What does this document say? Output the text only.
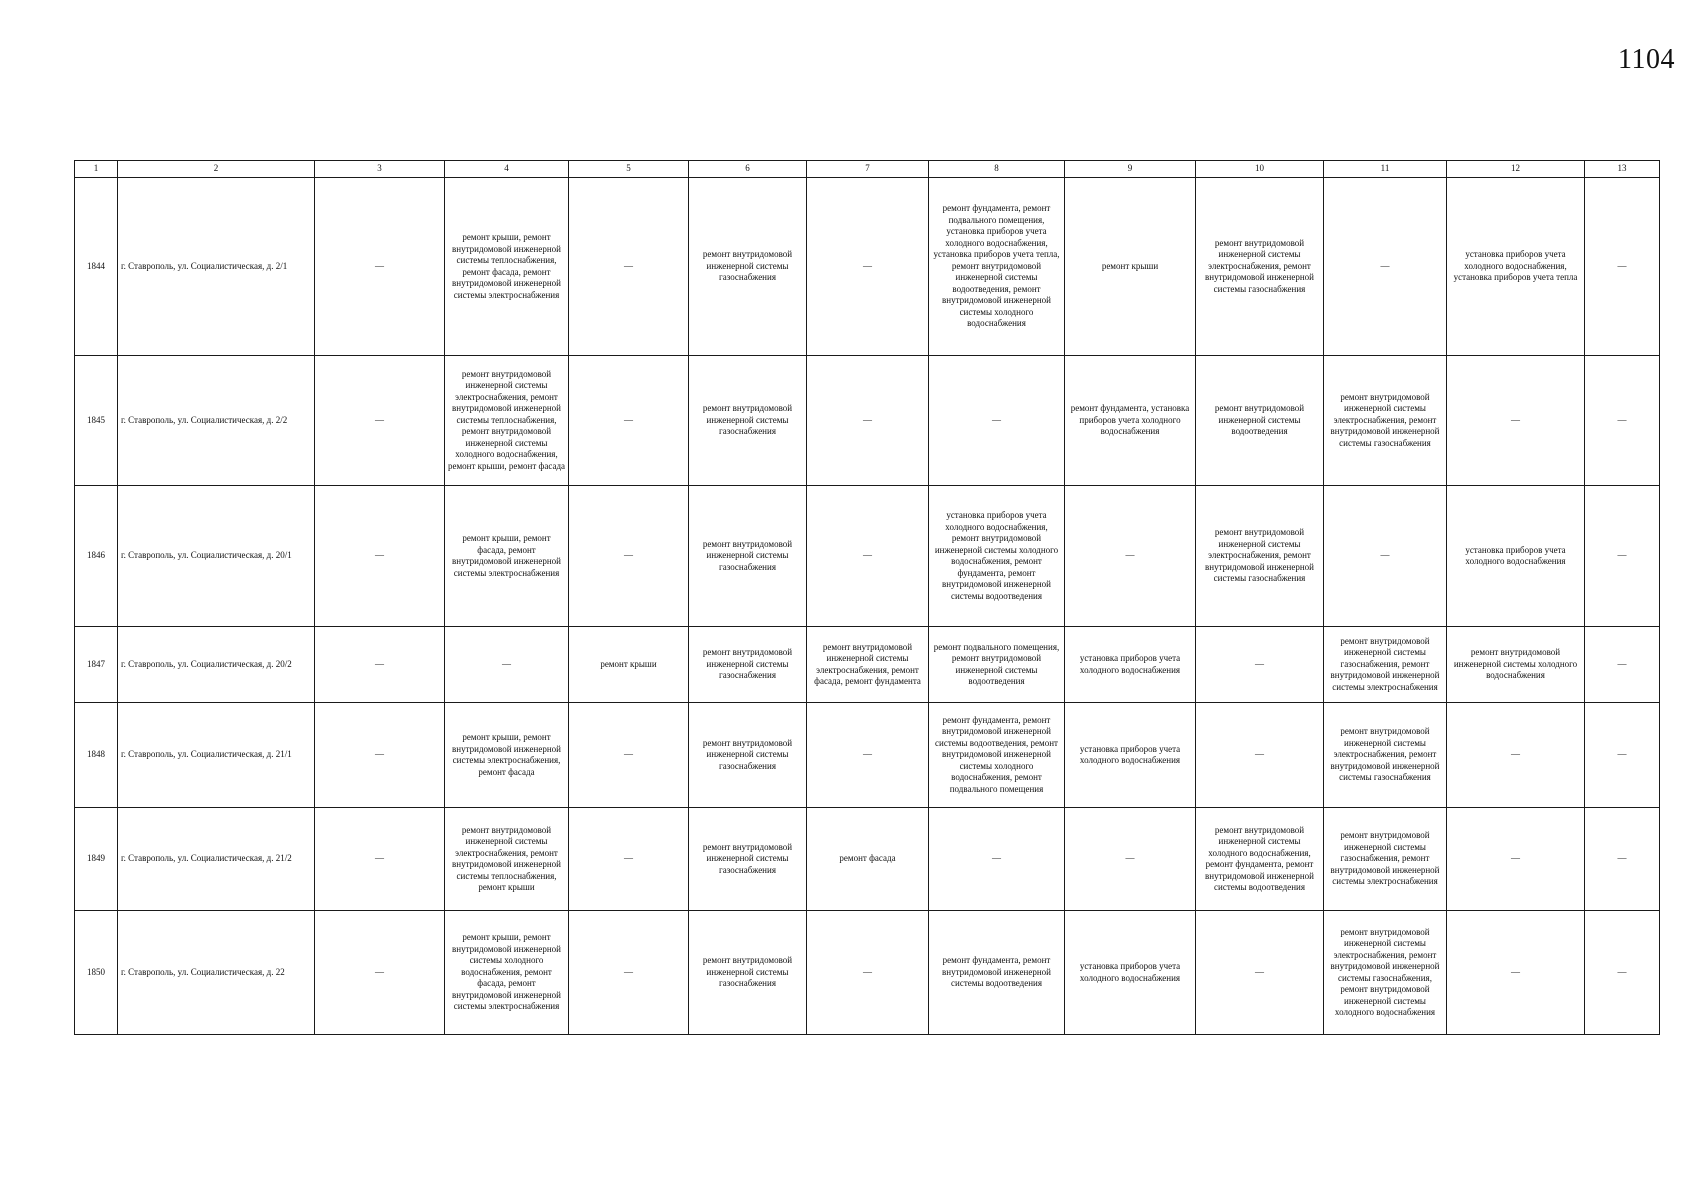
1104
1	2	3	4	5	6	7	8	9	10	11	12	13
1844	г. Ставрополь, ул. Социалистическая, д. 2/1	—	ремонт крыши, ремонт внутридомовой инженерной системы теплоснабжения, ремонт фасада, ремонт внутридомовой инженерной системы электроснабжения	—	ремонт внутридомовой инженерной системы газоснабжения	—	ремонт фундамента, ремонт подвального помещения, установка приборов учета холодного водоснабжения, установка приборов учета тепла, ремонт внутридомовой инженерной системы водоотведения, ремонт внутридомовой инженерной системы холодного водоснабжения	ремонт крыши	ремонт внутридомовой инженерной системы электроснабжения, ремонт внутридомовой инженерной системы газоснабжения	—	установка приборов учета холодного водоснабжения, установка приборов учета тепла	—
1845	г. Ставрополь, ул. Социалистическая, д. 2/2	—	ремонт внутридомовой инженерной системы электроснабжения, ремонт внутридомовой инженерной системы теплоснабжения, ремонт внутридомовой инженерной системы холодного водоснабжения, ремонт крыши, ремонт фасада	—	ремонт внутридомовой инженерной системы газоснабжения	—	—	ремонт фундамента, установка приборов учета холодного водоснабжения	ремонт внутридомовой инженерной системы водоотведения	ремонт внутридомовой инженерной системы электроснабжения, ремонт внутридомовой инженерной системы газоснабжения	—	—
1846	г. Ставрополь, ул. Социалистическая, д. 20/1	—	ремонт крыши, ремонт фасада, ремонт внутридомовой инженерной системы электроснабжения	—	ремонт внутридомовой инженерной системы газоснабжения	—	установка приборов учета холодного водоснабжения, ремонт внутридомовой инженерной системы холодного водоснабжения, ремонт фундамента, ремонт внутридомовой инженерной системы водоотведения	—	ремонт внутридомовой инженерной системы электроснабжения, ремонт внутридомовой инженерной системы газоснабжения	—	установка приборов учета холодного водоснабжения	—
1847	г. Ставрополь, ул. Социалистическая, д. 20/2	—	—	ремонт крыши	ремонт внутридомовой инженерной системы газоснабжения	ремонт внутридомовой инженерной системы электроснабжения, ремонт фасада, ремонт фундамента	ремонт подвального помещения, ремонт внутридомовой инженерной системы водоотведения	установка приборов учета холодного водоснабжения	—	ремонт внутридомовой инженерной системы газоснабжения, ремонт внутридомовой инженерной системы электроснабжения	ремонт внутридомовой инженерной системы холодного водоснабжения	—
1848	г. Ставрополь, ул. Социалистическая, д. 21/1	—	ремонт крыши, ремонт внутридомовой инженерной системы электроснабжения, ремонт фасада	—	ремонт внутридомовой инженерной системы газоснабжения	—	ремонт фундамента, ремонт внутридомовой инженерной системы водоотведения, ремонт внутридомовой инженерной системы холодного водоснабжения, ремонт подвального помещения	установка приборов учета холодного водоснабжения	—	ремонт внутридомовой инженерной системы электроснабжения, ремонт внутридомовой инженерной системы газоснабжения	—	—
1849	г. Ставрополь, ул. Социалистическая, д. 21/2	—	ремонт внутридомовой инженерной системы электроснабжения, ремонт внутридомовой инженерной системы теплоснабжения, ремонт крыши	—	ремонт внутридомовой инженерной системы газоснабжения	ремонт фасада	—	—	ремонт внутридомовой инженерной системы холодного водоснабжения, ремонт фундамента, ремонт внутридомовой инженерной системы водоотведения	ремонт внутридомовой инженерной системы газоснабжения, ремонт внутридомовой инженерной системы электроснабжения	—	—
1850	г. Ставрополь, ул. Социалистическая, д. 22	—	ремонт крыши, ремонт внутридомовой инженерной системы холодного водоснабжения, ремонт фасада, ремонт внутридомовой инженерной системы электроснабжения	—	ремонт внутридомовой инженерной системы газоснабжения	—	ремонт фундамента, ремонт внутридомовой инженерной системы водоотведения	установка приборов учета холодного водоснабжения	—	ремонт внутридомовой инженерной системы электроснабжения, ремонт внутридомовой инженерной системы газоснабжения, ремонт внутридомовой инженерной системы холодного водоснабжения	—	—
